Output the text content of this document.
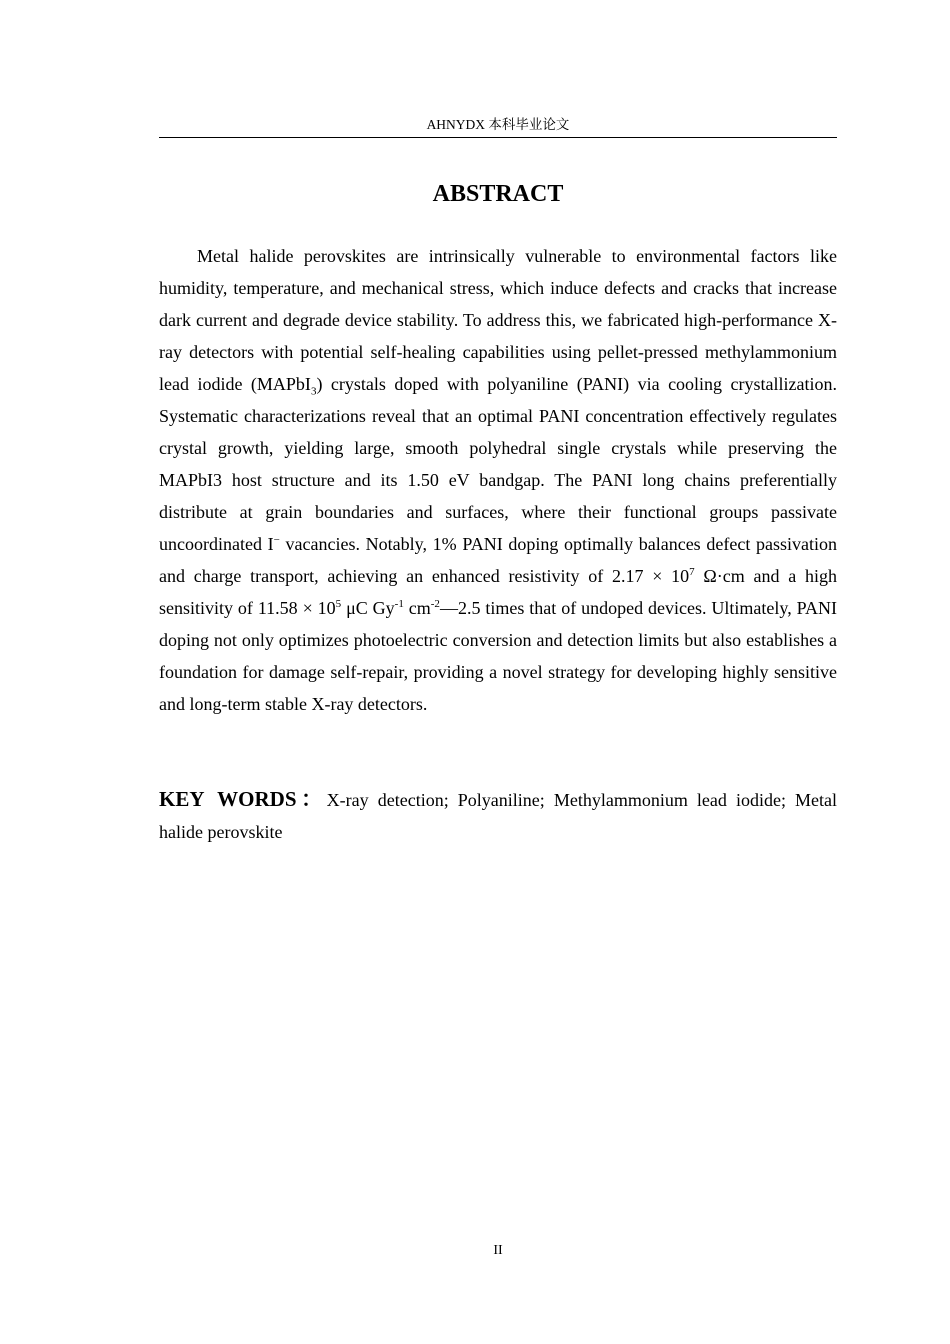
AHNYDX 本科毕业论文
ABSTRACT

Metal halide perovskites are intrinsically vulnerable to environmental factors like humidity, temperature, and mechanical stress, which induce defects and cracks that increase dark current and degrade device stability. To address this, we fabricated high-performance X-ray detectors with potential self-healing capabilities using pellet-pressed methylammonium lead iodide (MAPbI$_3$) crystals doped with polyaniline (PANI) via cooling crystallization. Systematic characterizations reveal that an optimal PANI concentration effectively regulates crystal growth, yielding large, smooth polyhedral single crystals while preserving the MAPbI3 host structure and its 1.50 eV bandgap. The PANI long chains preferentially distribute at grain boundaries and surfaces, where their functional groups passivate uncoordinated I− vacancies. Notably, 1% PANI doping optimally balances defect passivation and charge transport, achieving an enhanced resistivity of $2.17 \times 10^7$ Ω·cm and a high sensitivity of $11.58 \times 10^5$ μC $Gy^{-1}$ $cm^{-2}—2.5$ times that of undoped devices. Ultimately, PANI doping not only optimizes photoelectric conversion and detection limits but also establishes a foundation for damage self-repair, providing a novel strategy for developing highly sensitive and long-term stable X-ray detectors.

KEY WORDS：X-ray detection; Polyaniline; Methylammonium lead iodide; Metal halide perovskite

II
